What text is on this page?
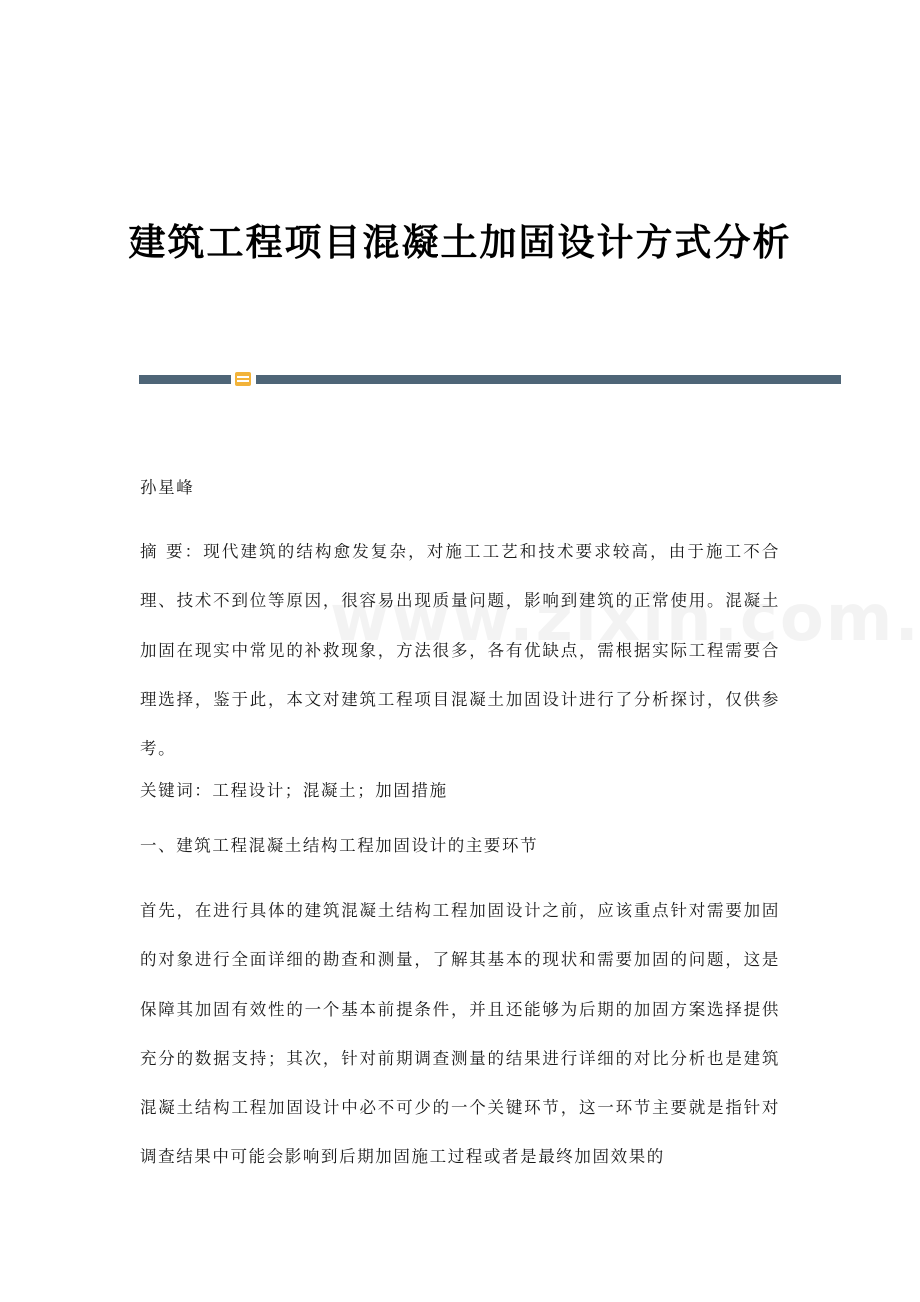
建筑工程项目混凝土加固设计方式分析

孙星峰

摘 要：现代建筑的结构愈发复杂，对施工工艺和技术要求较高，由于施工不合理、技术不到位等原因，很容易出现质量问题，影响到建筑的正常使用。混凝土加固在现实中常见的补救现象，方法很多，各有优缺点，需根据实际工程需要合理选择，鉴于此，本文对建筑工程项目混凝土加固设计进行了分析探讨，仅供参考。

关键词：工程设计；混凝土；加固措施

一、建筑工程混凝土结构工程加固设计的主要环节

首先，在进行具体的建筑混凝土结构工程加固设计之前，应该重点针对需要加固的对象进行全面详细的勘查和测量，了解其基本的现状和需要加固的问题，这是保障其加固有效性的一个基本前提条件，并且还能够为后期的加固方案选择提供充分的数据支持；其次，针对前期调查测量的结果进行详细的对比分析也是建筑混凝土结构工程加固设计中必不可少的一个关键环节，这一环节主要就是指针对调查结果中可能会影响到后期加固施工过程或者是最终加固效果的
